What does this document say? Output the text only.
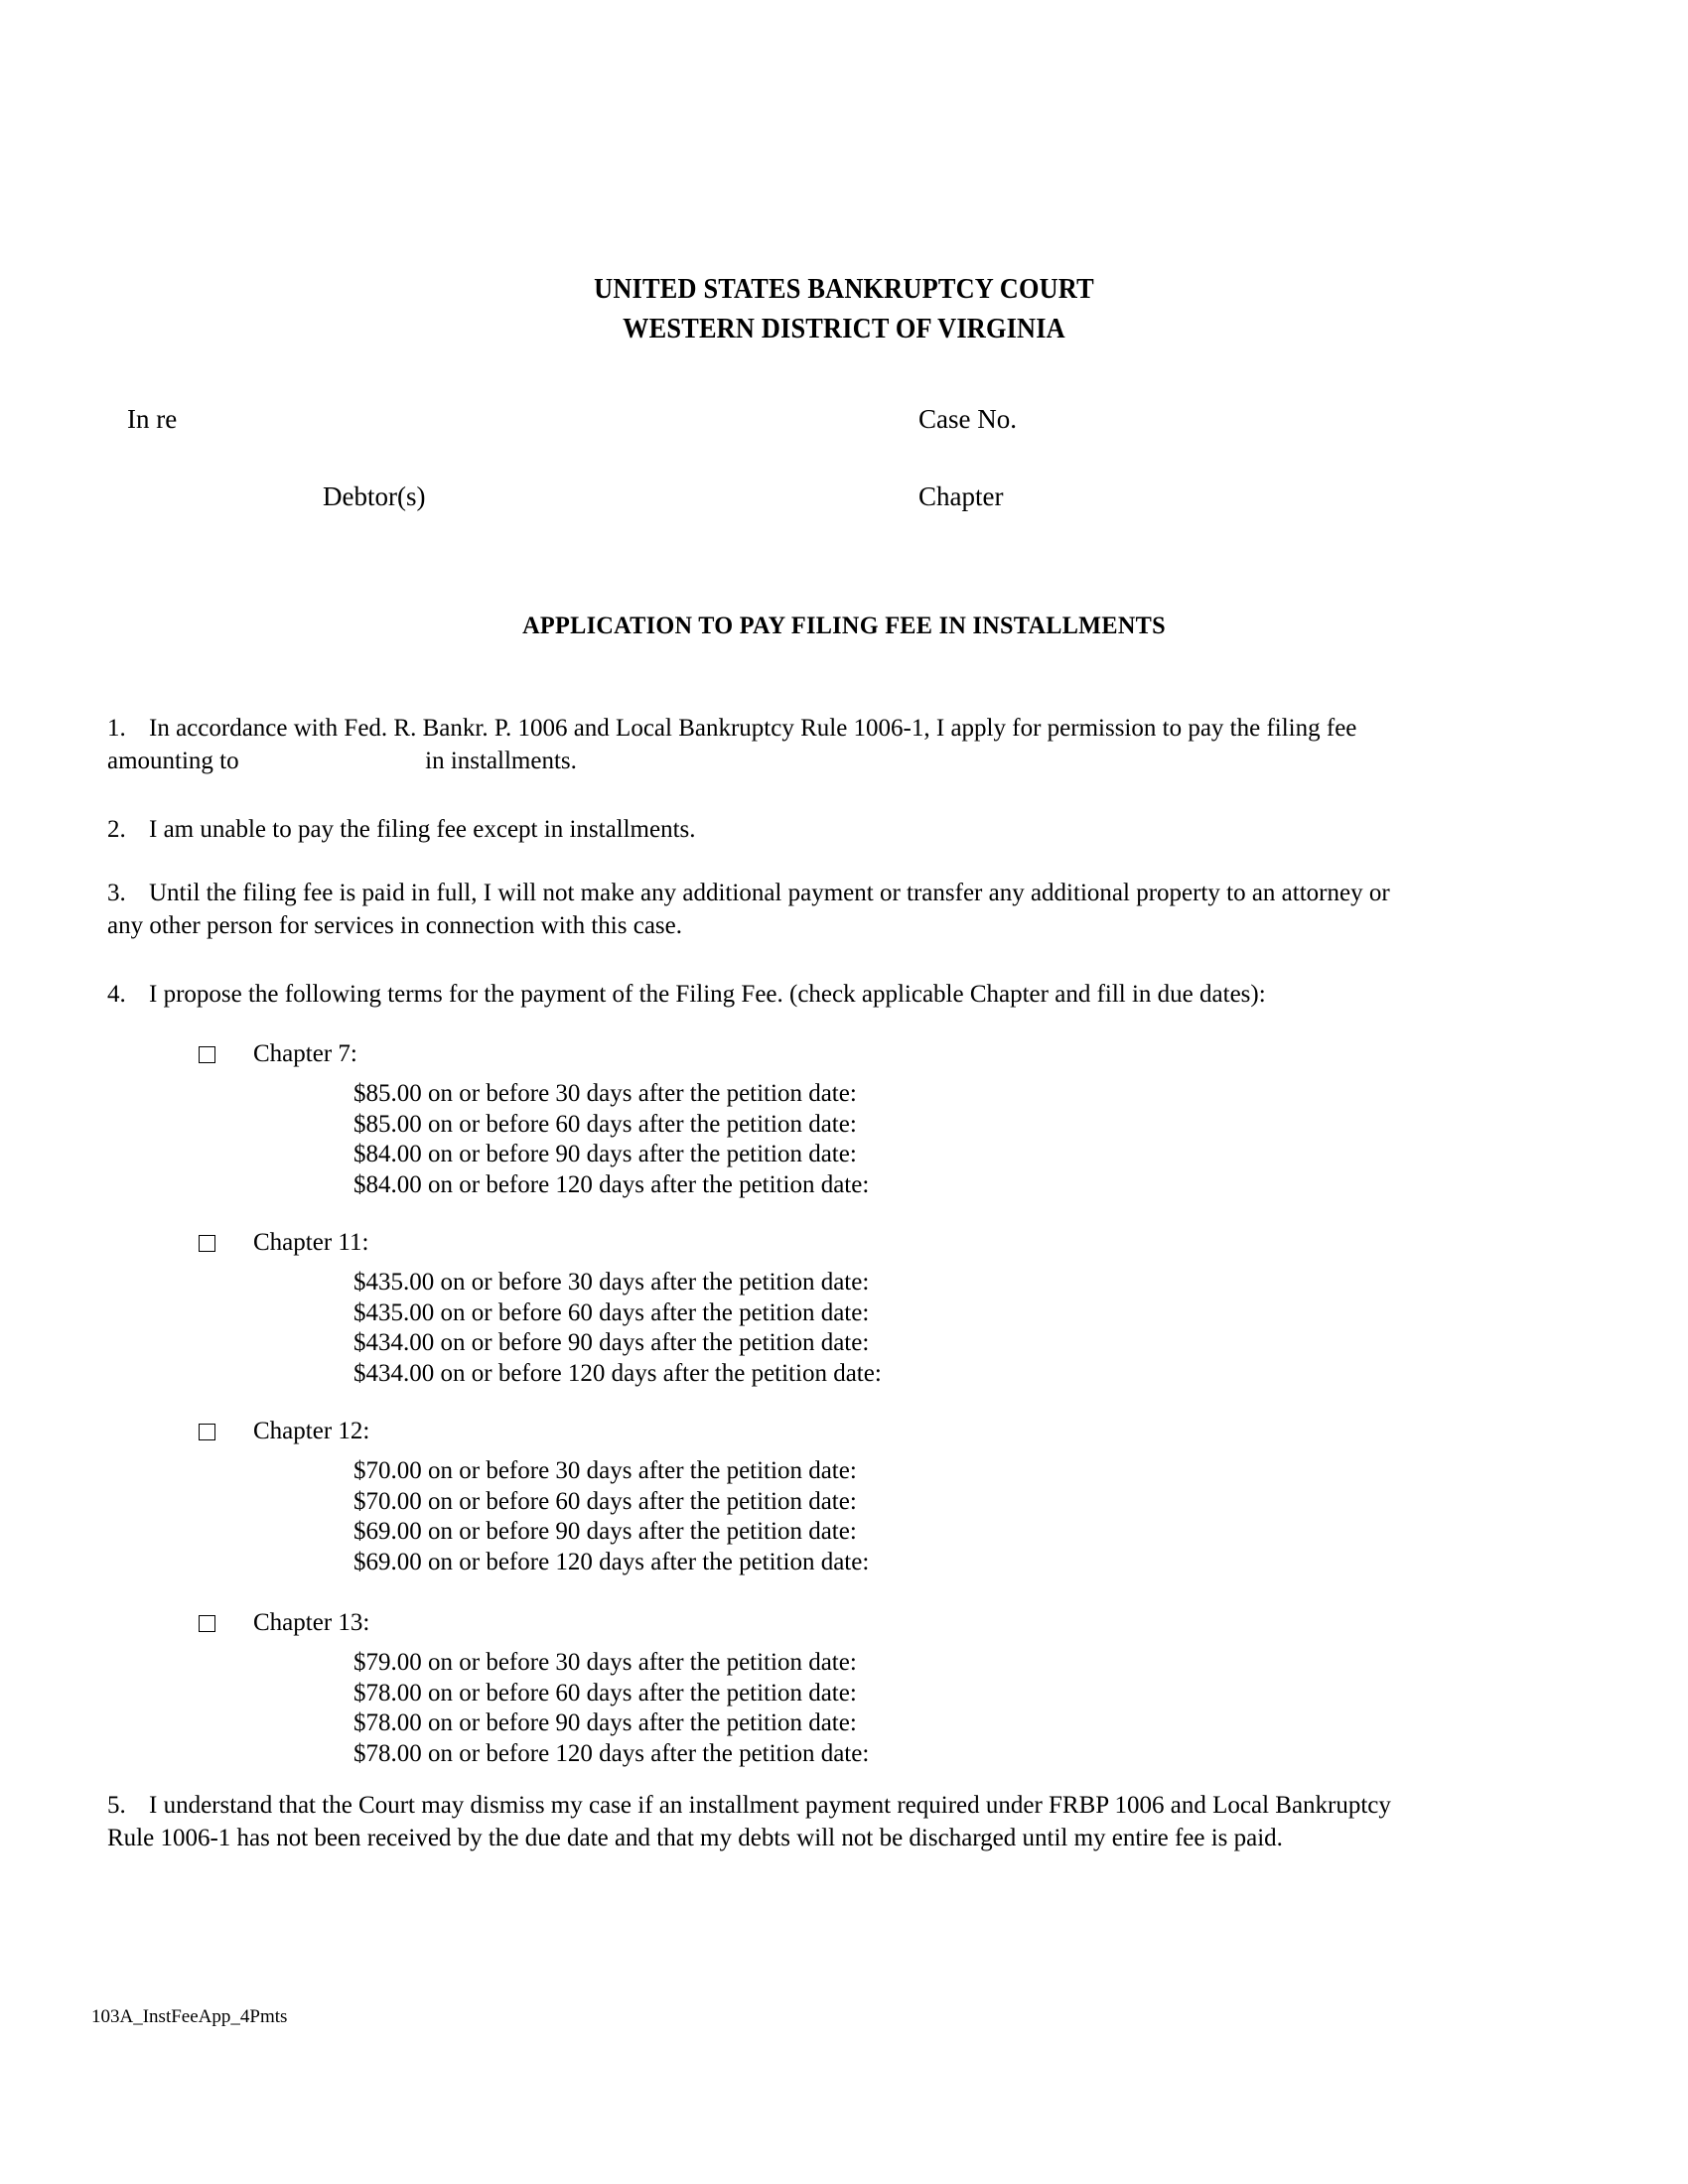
UNITED STATES BANKRUPTCY COURT
WESTERN DISTRICT OF VIRGINIA
In re	Case No.
Debtor(s)	Chapter
APPLICATION TO PAY FILING FEE IN INSTALLMENTS
1. In accordance with Fed. R. Bankr. P. 1006 and Local Bankruptcy Rule 1006-1, I apply for permission to pay the filing fee
amounting to                              in installments.
2. I am unable to pay the filing fee except in installments.
3. Until the filing fee is paid in full, I will not make any additional payment or transfer any additional property to an attorney or
any other person for services in connection with this case.
4. I propose the following terms for the payment of the Filing Fee. (check applicable Chapter and fill in due dates):
Chapter 7:
$85.00 on or before 30 days after the petition date:
$85.00 on or before 60 days after the petition date:
$84.00 on or before 90 days after the petition date:
$84.00 on or before 120 days after the petition date:
Chapter 11:
$435.00 on or before 30 days after the petition date:
$435.00 on or before 60 days after the petition date:
$434.00 on or before 90 days after the petition date:
$434.00 on or before 120 days after the petition date:
Chapter 12:
$70.00 on or before 30 days after the petition date:
$70.00 on or before 60 days after the petition date:
$69.00 on or before 90 days after the petition date:
$69.00 on or before 120 days after the petition date:
Chapter 13:
$79.00 on or before 30 days after the petition date:
$78.00 on or before 60 days after the petition date:
$78.00 on or before 90 days after the petition date:
$78.00 on or before 120 days after the petition date:
5. I understand that the Court may dismiss my case if an installment payment required under FRBP 1006 and Local Bankruptcy
Rule 1006-1 has not been received by the due date and that my debts will not be discharged until my entire fee is paid.
103A_InstFeeApp_4Pmts
